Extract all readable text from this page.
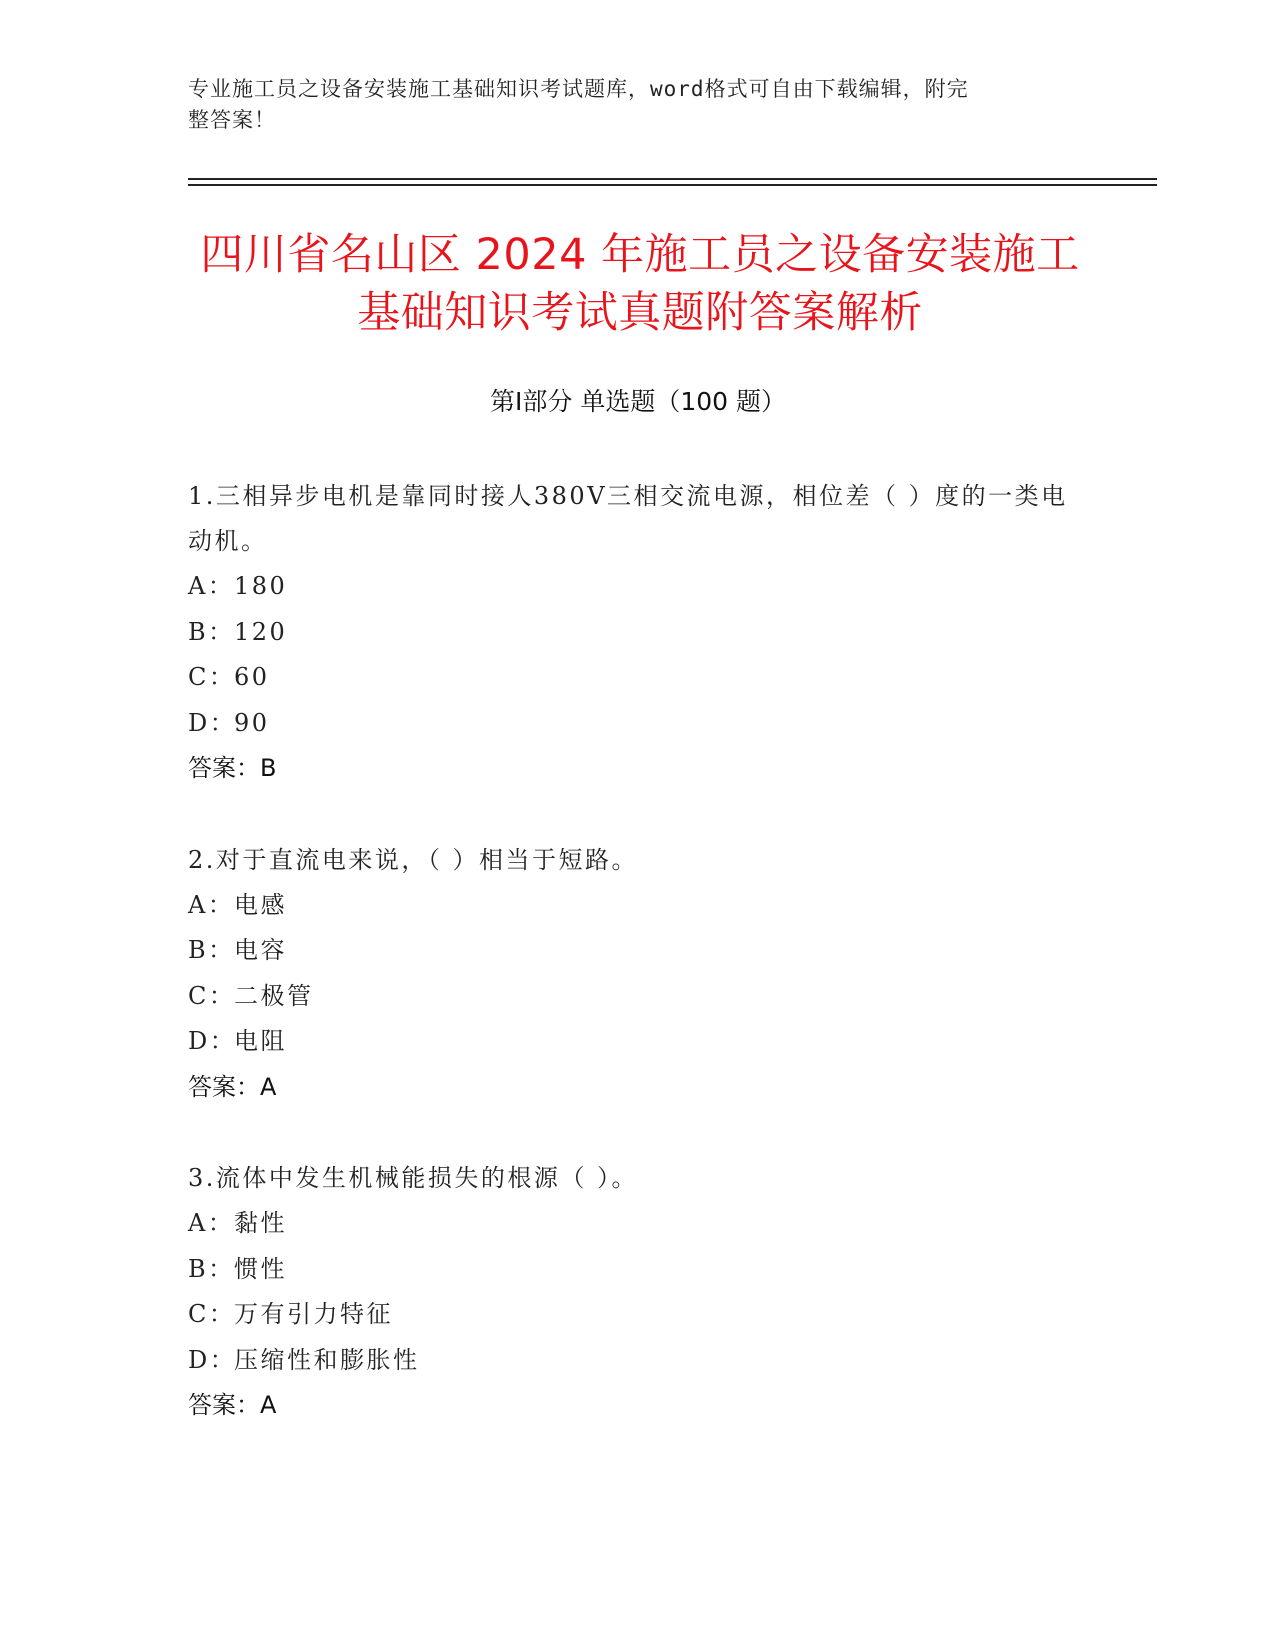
专业施工员之设备安装施工基础知识考试题库，word格式可自由下载编辑，附完
整答案！
四川省名山区 2024 年施工员之设备安装施工
基础知识考试真题附答案解析
第Ⅰ部分 单选题（100 题）

1.三相异步电机是靠同时接人380V三相交流电源，相位差（ ）度的一类电动机。

A：180
B：120
C：60
D：90
答案：B

2.对于直流电来说，（ ）相当于短路。

A：电感
B：电容
C：二极管
D：电阻
答案：A

3.流体中发生机械能损失的根源（ ）。

A：黏性
B：惯性
C：万有引力特征
D：压缩性和膨胀性
答案：A
